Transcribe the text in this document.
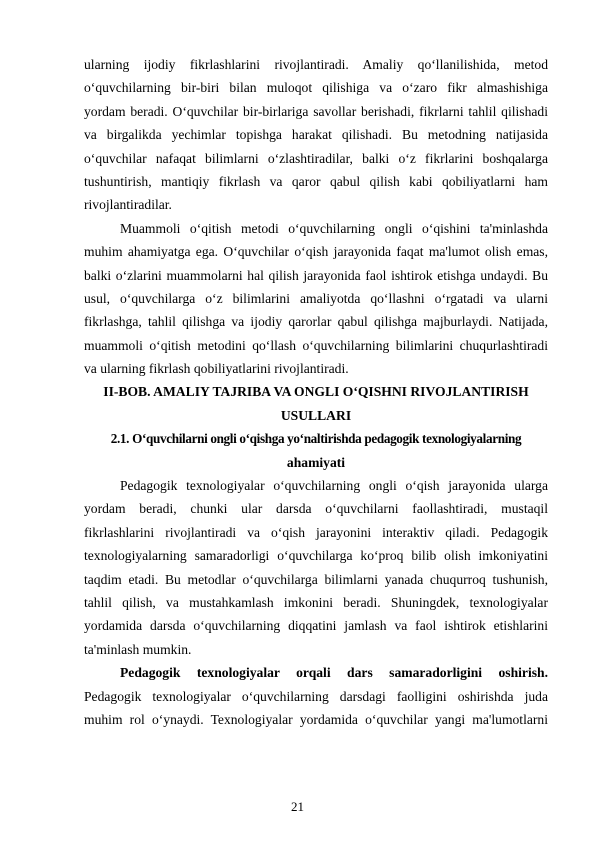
ularning ijodiy fikrlashlarini rivojlantiradi. Amaliy qo‘llanilishida, metod
o‘quvchilarning bir-biri bilan muloqot qilishiga va o‘zaro fikr almashishiga
yordam beradi. O‘quvchilar bir-birlariga savollar berishadi, fikrlarni tahlil qilishadi
va birgalikda yechimlar topishga harakat qilishadi. Bu metodning natijasida
o‘quvchilar nafaqat bilimlarni o‘zlashtiradilar, balki o‘z fikrlarini boshqalarga
tushuntirish, mantiqiy fikrlash va qaror qabul qilish kabi qobiliyatlarni ham
rivojlantiradilar.
Muammoli o‘qitish metodi o‘quvchilarning ongli o‘qishini ta'minlashda
muhim ahamiyatga ega. O‘quvchilar o‘qish jarayonida faqat ma'lumot olish emas,
balki o‘zlarini muammolarni hal qilish jarayonida faol ishtirok etishga undaydi. Bu
usul, o‘quvchilarga o‘z bilimlarini amaliyotda qo‘llashni o‘rgatadi va ularni
fikrlashga, tahlil qilishga va ijodiy qarorlar qabul qilishga majburlaydi. Natijada,
muammoli o‘qitish metodini qo‘llash o‘quvchilarning bilimlarini chuqurlashtiradi
va ularning fikrlash qobiliyatlarini rivojlantiradi.
II-BOB. AMALIY TAJRIBA VA ONGLI O‘QISHNI RIVOJLANTIRISH
USULLARI
2.1. O‘quvchilarni ongli o‘qishga yo‘naltirishda pedagogik texnologiyalarning
ahamiyati
Pedagogik texnologiyalar o‘quvchilarning ongli o‘qish jarayonida ularga
yordam beradi, chunki ular darsda o‘quvchilarni faollashtiradi, mustaqil
fikrlashlarini rivojlantiradi va o‘qish jarayonini interaktiv qiladi. Pedagogik
texnologiyalarning samaradorligi o‘quvchilarga ko‘proq bilib olish imkoniyatini
taqdim etadi. Bu metodlar o‘quvchilarga bilimlarni yanada chuqurroq tushunish,
tahlil qilish, va mustahkamlash imkonini beradi. Shuningdek, texnologiyalar
yordamida darsda o‘quvchilarning diqqatini jamlash va faol ishtirok etishlarini
ta'minlash mumkin.
Pedagogik texnologiyalar orqali dars samaradorligini oshirish.
Pedagogik texnologiyalar o‘quvchilarning darsdagi faolligini oshirishda juda
muhim rol o‘ynaydi. Texnologiyalar yordamida o‘quvchilar yangi ma'lumotlarni
21
